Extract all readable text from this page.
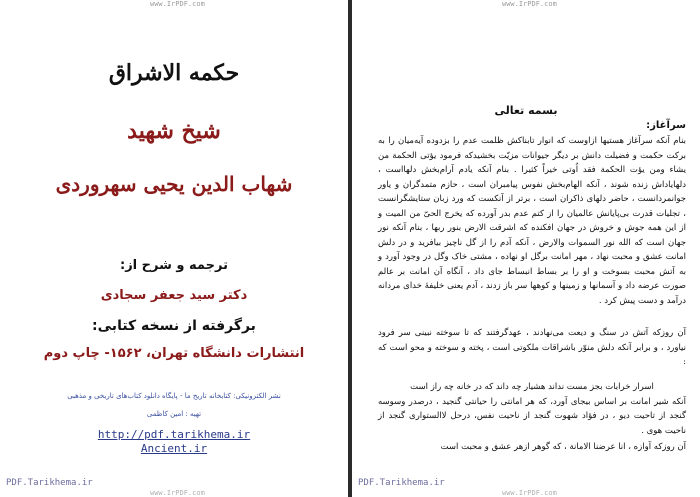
www.IrPDF.com
حکمه الاشراق
شیخ شهید
شهاب الدین یحیی سهروردی
ترجمه و شرح از:
دکتر سید جعفر سجادی
برگرفته از نسخه کتابی:
انتشارات دانشگاه تهران، ۱۵۶۲- چاپ دوم
نشر الکترونیکی: کتابخانه تاریخ ما - پایگاه دانلود کتاب‌های تاریخی و مذهبی
تهیه : امین کاظمی
http://pdf.tarikhema.ir
Ancient.ir
PDF.Tarikhema.ir
www.IrPDF.com
www.IrPDF.com
بسمه تعالی
سرآغاز:

بنام آنکه سرآغاز هستیها ازاوست که انوار تابناکش ظلمت عدم را بزدوده آیه‌میان را به برکت حکمت و فضیلت دانش بر دیگر جیوانات مزیّت بخشیدکه فرمود یؤتی الحکمة من یشاء ومن یؤت الحکمة فقد اُوتی خیراً کثیرا . بنام آنکه یادم آرام‌بخش دلهااست ، دلهایاداش زنده شوند ، آنکه الهام‌بخش نفوس پیامبران است ، حازم متمدگران و یاور جوانمردانست ، حاضر دلهای ذاکران است ، برتر از آنکست که ورد زبان ستایشگرانست ، تجلیات قدرت بی‌پایانش عالمیان را از کتم عدم بدر آورده که یخرج الحیّ من المیت و از این همه جوش و خروش در جهان افکنده که اشرقت الارض بنور ربها ، بنام آنکه نور جهان است که الله نور السموات والارض ، آنکه آدم را از گل ناچیز بیافرید و در دلش امانت عشق و محبت نهاد ، مهر امانت برگل او نهاده ، مشتی خاک وگل در وجود آورد و به آتش محبت بسوخت و او را بر بساط انبساط جای داد ، آنگاه آن امانت بر عالم صورت عرضه داد و آسمانها و زمینها و کوهها سر باز زدند ، آدم یعنی خلیفهٔ خدای مردانه درآمد و دست پیش کرد .

آن روزکه آتش در سنگ و دیعت می‌نهادند ، عهدگرفتند که تا سوخته نبینی سر فرود نیاورد ، و برابر آنکه دلش منوّر باشراقات ملکوتی است ، پخته و سوخته و محو است که :

اسرار خرابات بجز مست نداند هشیار چه داند که در خانه چه راز است
آنکه شیر امانت بر اساس بیجای آورد، که هر امانتی را حیانتی گنجید ، درصدر وسوسه گنجد از تاحیت دیو ، در فؤاد شهوت گنجد از ناحیت نفس، درحل لاالستواری گنجد از ناحیت هوی .

آن روزکه آوازه ، انا عرضنا الامانة ، که گوهر ازهر عشق و محبت است

PDF.Tarikhema.ir
www.IrPDF.com
